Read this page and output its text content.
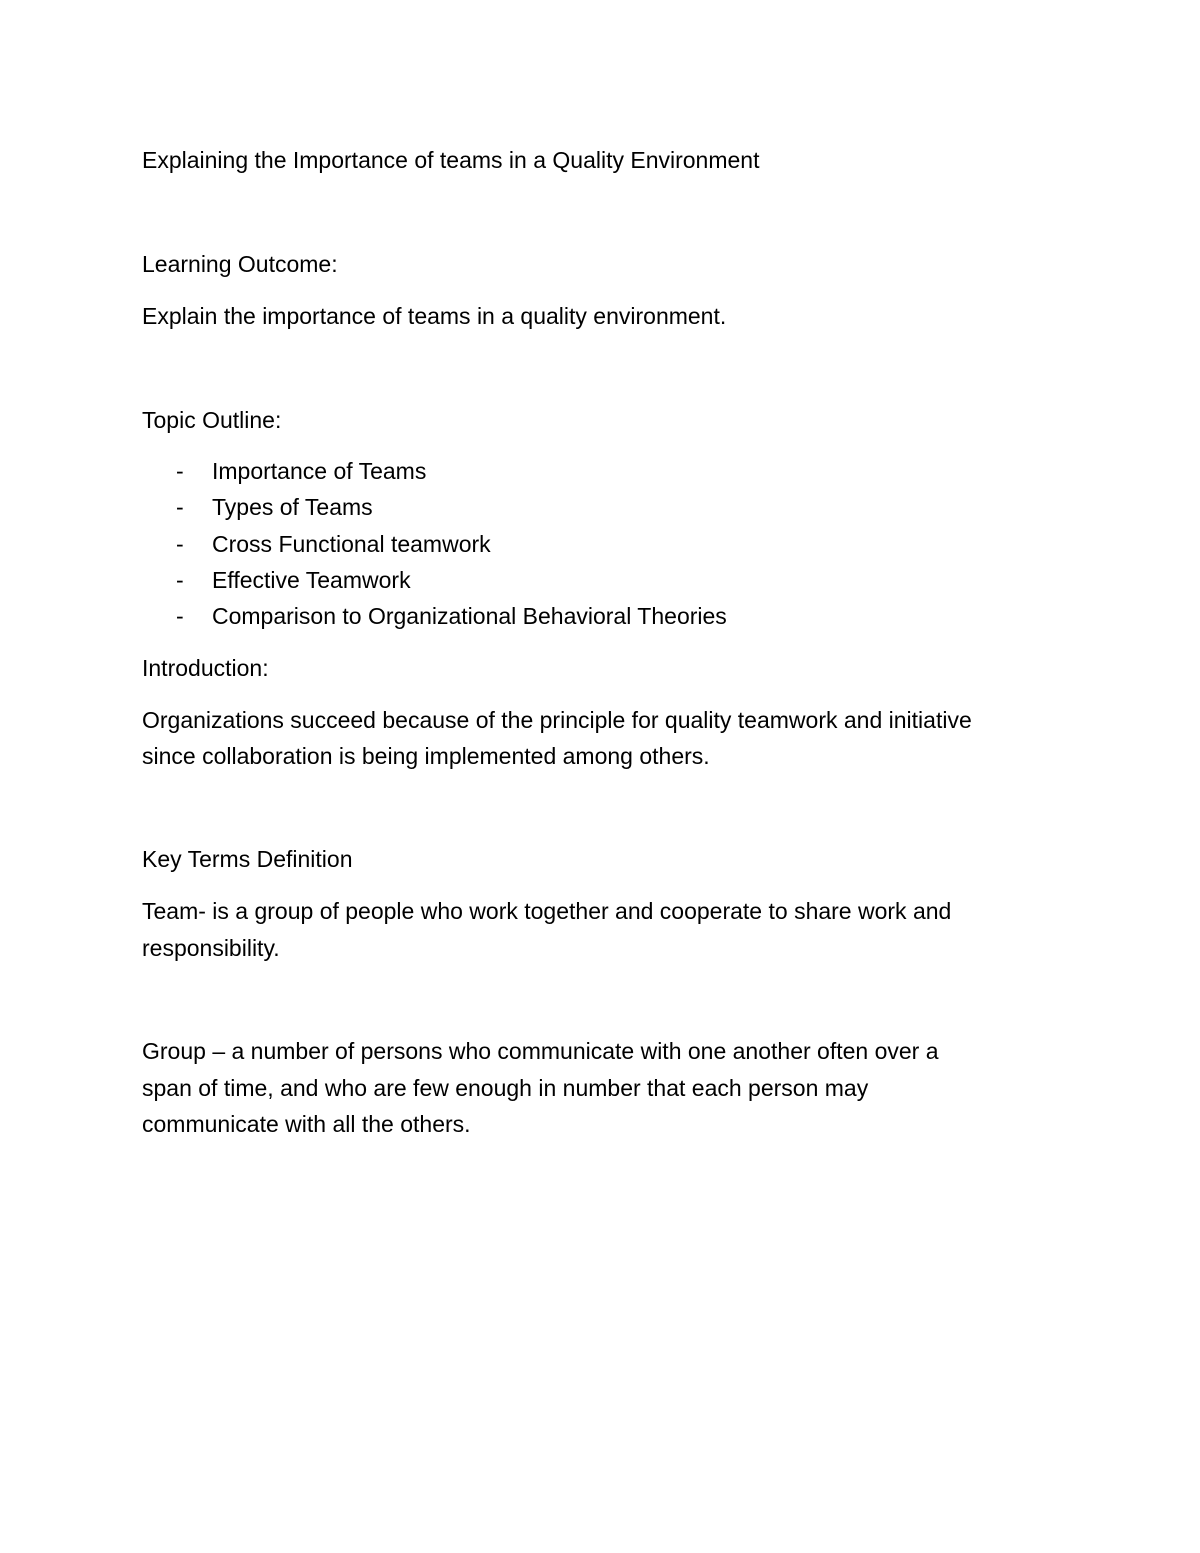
Explaining the Importance of teams in a Quality Environment

Learning Outcome:

Explain the importance of teams in a quality environment.

Topic Outline:

- Importance of Teams
- Types of Teams
- Cross Functional teamwork
- Effective Teamwork
- Comparison to Organizational Behavioral Theories

Introduction:

Organizations succeed because of the principle for quality teamwork and initiative

since collaboration is being implemented among others.

Key Terms Definition

Team- is a group of people who work together and cooperate to share work and

responsibility.

Group – a number of persons who communicate with one another often over a

span of time, and who are few enough in number that each person may

communicate with all the others.
